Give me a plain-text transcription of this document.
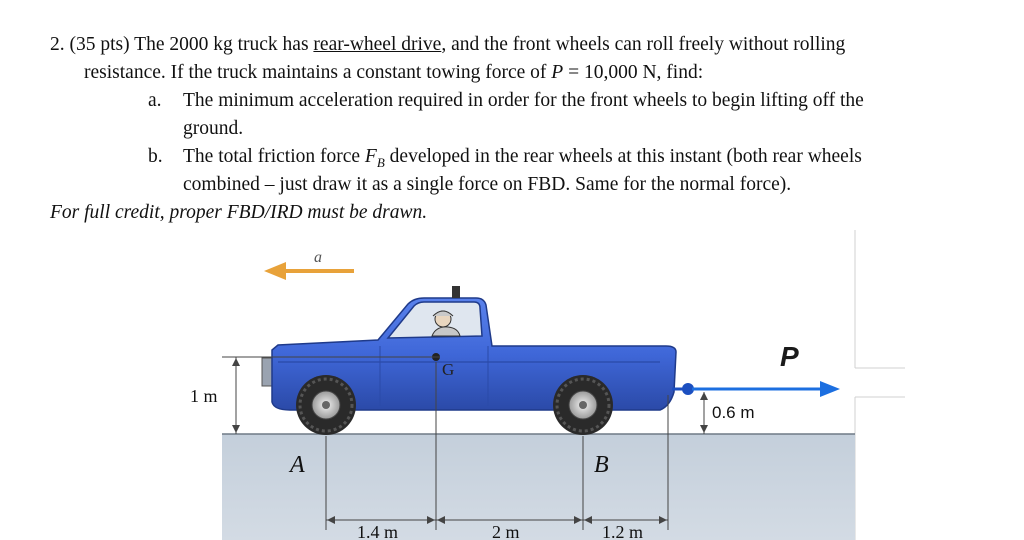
2. (35 pts) The 2000 kg truck has rear-wheel drive, and the front wheels can roll freely without rolling
resistance. If the truck maintains a constant towing force of P = 10,000 N, find:
a. The minimum acceleration required in order for the front wheels to begin lifting off the
ground.
b. The total friction force $F_B$ developed in the rear wheels at this instant (both rear wheels
combined – just draw it as a single force on FBD. Same for the normal force).
For full credit, proper FBD/IRD must be drawn.
a
G	P
1 m
0.6 m
A	B
1.4 m	2 m	1.2 m
